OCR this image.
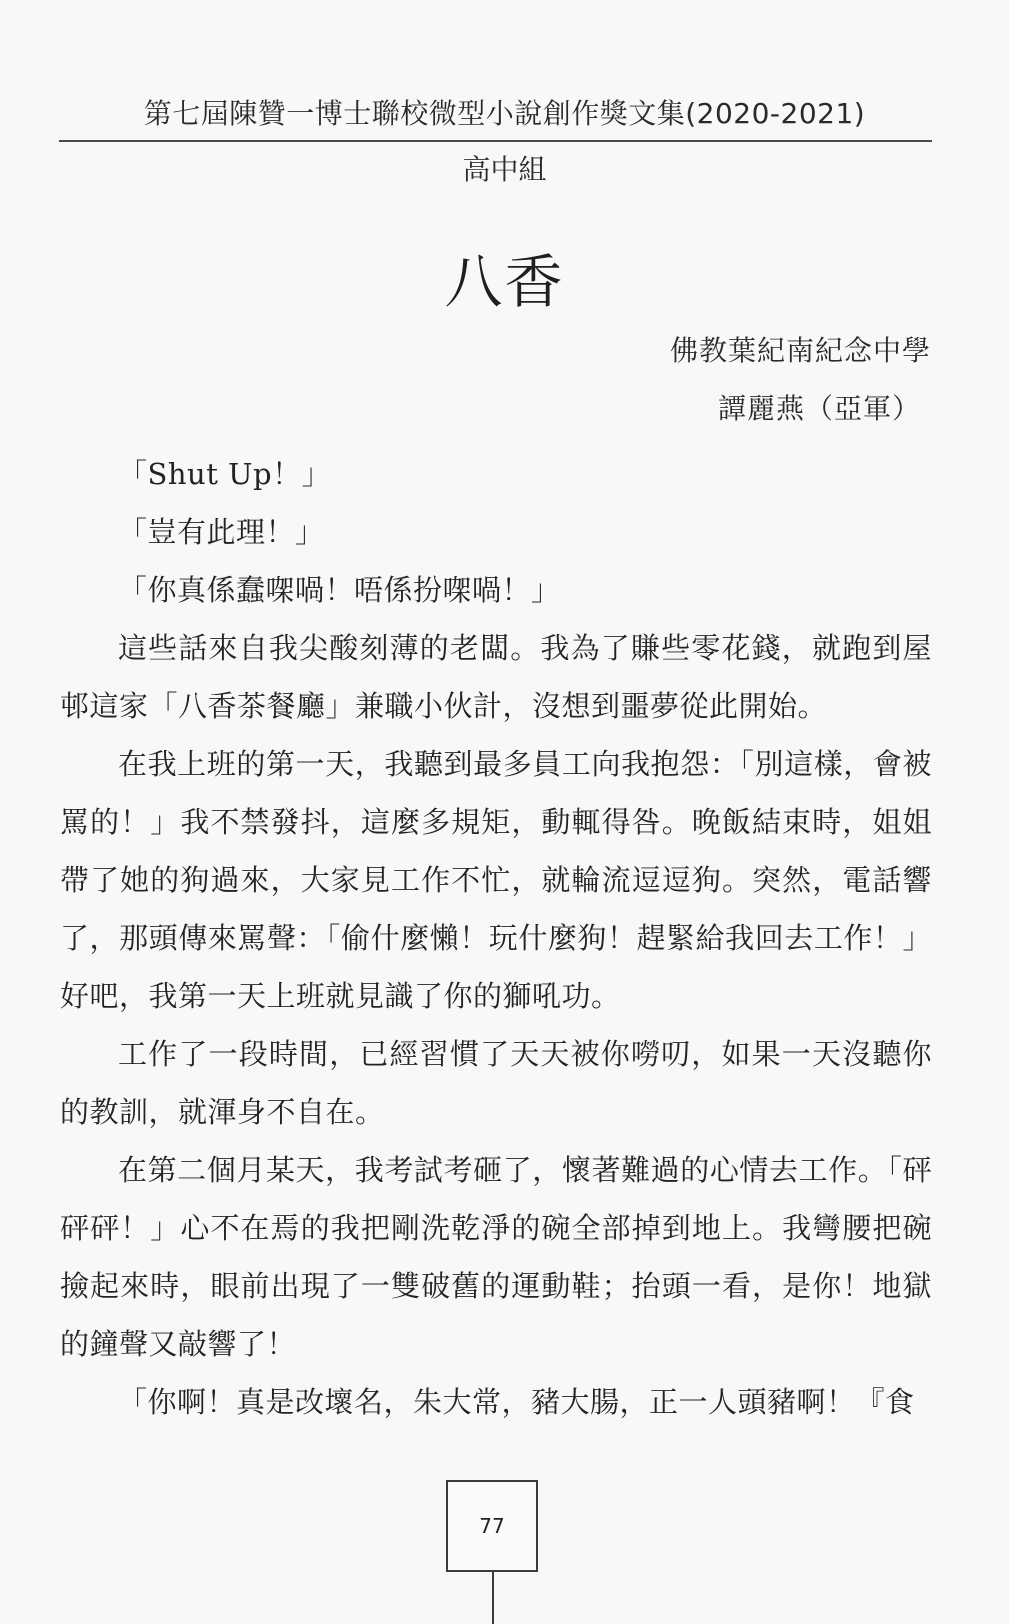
第七屆陳贊一博士聯校微型小說創作獎文集(2020-2021)
高中組
八香
佛教葉紀南紀念中學
譚麗燕（亞軍）

「Shut Up！」

「豈有此理！」

「你真係蠢㗎喎！唔係扮㗎喎！」

這些話來自我尖酸刻薄的老闆。我為了賺些零花錢，就跑到屋邨這家「八香茶餐廳」兼職小伙計，沒想到噩夢從此開始。

在我上班的第一天，我聽到最多員工向我抱怨：「別這樣，會被罵的！」我不禁發抖，這麼多規矩，動輒得咎。晚飯結束時，姐姐帶了她的狗過來，大家見工作不忙，就輪流逗逗狗。突然，電話響了，那頭傳來罵聲：「偷什麼懶！玩什麼狗！趕緊給我回去工作！」好吧，我第一天上班就見識了你的獅吼功。

工作了一段時間，已經習慣了天天被你嘮叨，如果一天沒聽你的教訓，就渾身不自在。

在第二個月某天，我考試考砸了，懷著難過的心情去工作。「砰砰砰！」心不在焉的我把剛洗乾淨的碗全部掉到地上。我彎腰把碗撿起來時，眼前出現了一雙破舊的運動鞋；抬頭一看，是你！地獄的鐘聲又敲響了！

「你啊！真是改壞名，朱大常，豬大腸，正一人頭豬啊！『食

77
